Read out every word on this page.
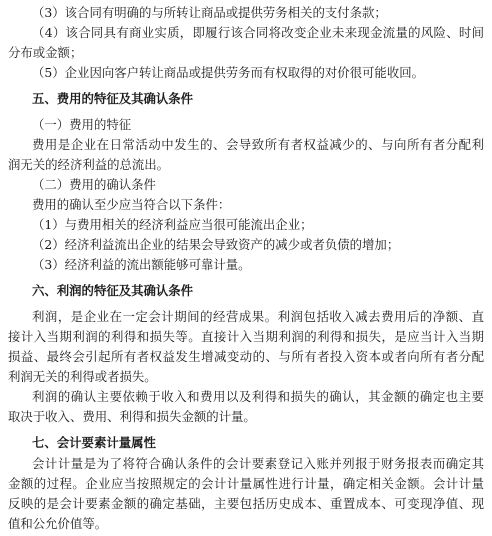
（3）该合同有明确的与所转让商品或提供劳务相关的支付条款；
（4）该合同具有商业实质，即履行该合同将改变企业未来现金流量的风险、时间
分布或金额；
（5）企业因向客户转让商品或提供劳务而有权取得的对价很可能收回。
五、费用的特征及其确认条件
（一）费用的特征
费用是企业在日常活动中发生的、会导致所有者权益减少的、与向所有者分配利
润无关的经济利益的总流出。
（二）费用的确认条件
费用的确认至少应当符合以下条件：
（1）与费用相关的经济利益应当很可能流出企业；
（2）经济利益流出企业的结果会导致资产的减少或者负债的增加；
（3）经济利益的流出额能够可靠计量。
六、利润的特征及其确认条件
利润，是企业在一定会计期间的经营成果。利润包括收入减去费用后的净额、直
接计入当期利润的利得和损失等。直接计入当期利润的利得和损失，是应当计入当期
损益、最终会引起所有者权益发生增减变动的、与所有者投入资本或者向所有者分配
利润无关的利得或者损失。
利润的确认主要依赖于收入和费用以及利得和损失的确认，其金额的确定也主要
取决于收入、费用、利得和损失金额的计量。
七、会计要素计量属性
会计计量是为了将符合确认条件的会计要素登记入账并列报于财务报表而确定其
金额的过程。企业应当按照规定的会计计量属性进行计量，确定相关金额。会计计量
反映的是会计要素金额的确定基础，主要包括历史成本、重置成本、可变现净值、现
值和公允价值等。
